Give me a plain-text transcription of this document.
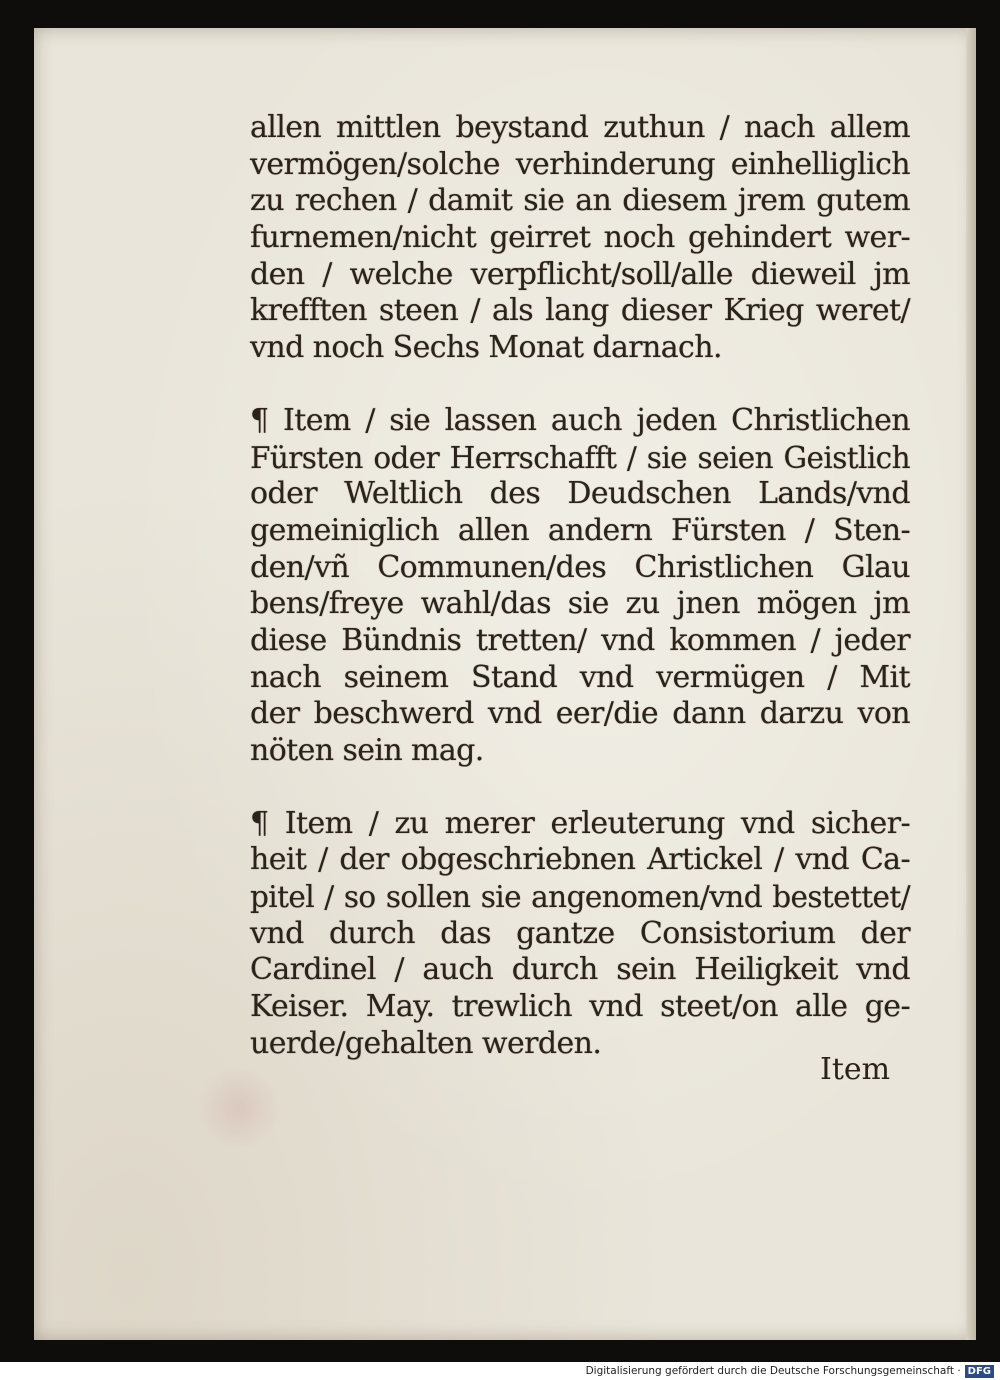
allen mittlen beystand zuthun / nach allem
vermögen/solche verhinderung einhelliglich
zu rechen / damit sie an diesem jrem gutem
furnemen/nicht geirret noch gehindert wer-
den / welche verpflicht/soll/alle dieweil jm
krefften steen / als lang dieser Krieg weret/
vnd noch Sechs Monat darnach.
¶ Item / sie lassen auch jeden Christlichen
Fürsten oder Herrschafft / sie seien Geistlich
oder Weltlich des Deudschen Lands/vnd
gemeiniglich allen andern Fürsten / Sten-
den/vñ Communen/des Christlichen Glau
bens/freye wahl/das sie zu jnen mögen jm
diese Bündnis tretten/ vnd kommen / jeder
nach seinem Stand vnd vermügen / Mit
der beschwerd vnd eer/die dann darzu von
nöten sein mag.
¶ Item / zu merer erleuterung vnd sicher-
heit / der obgeschriebnen Artickel / vnd Ca-
pitel / so sollen sie angenomen/vnd bestettet/
vnd durch das gantze Consistorium der
Cardinel / auch durch sein Heiligkeit vnd
Keiser. May. trewlich vnd steet/on alle ge-
uerde/gehalten werden.
Item
Digitalisierung gefördert durch die Deutsche Forschungsgemeinschaft · DFG
